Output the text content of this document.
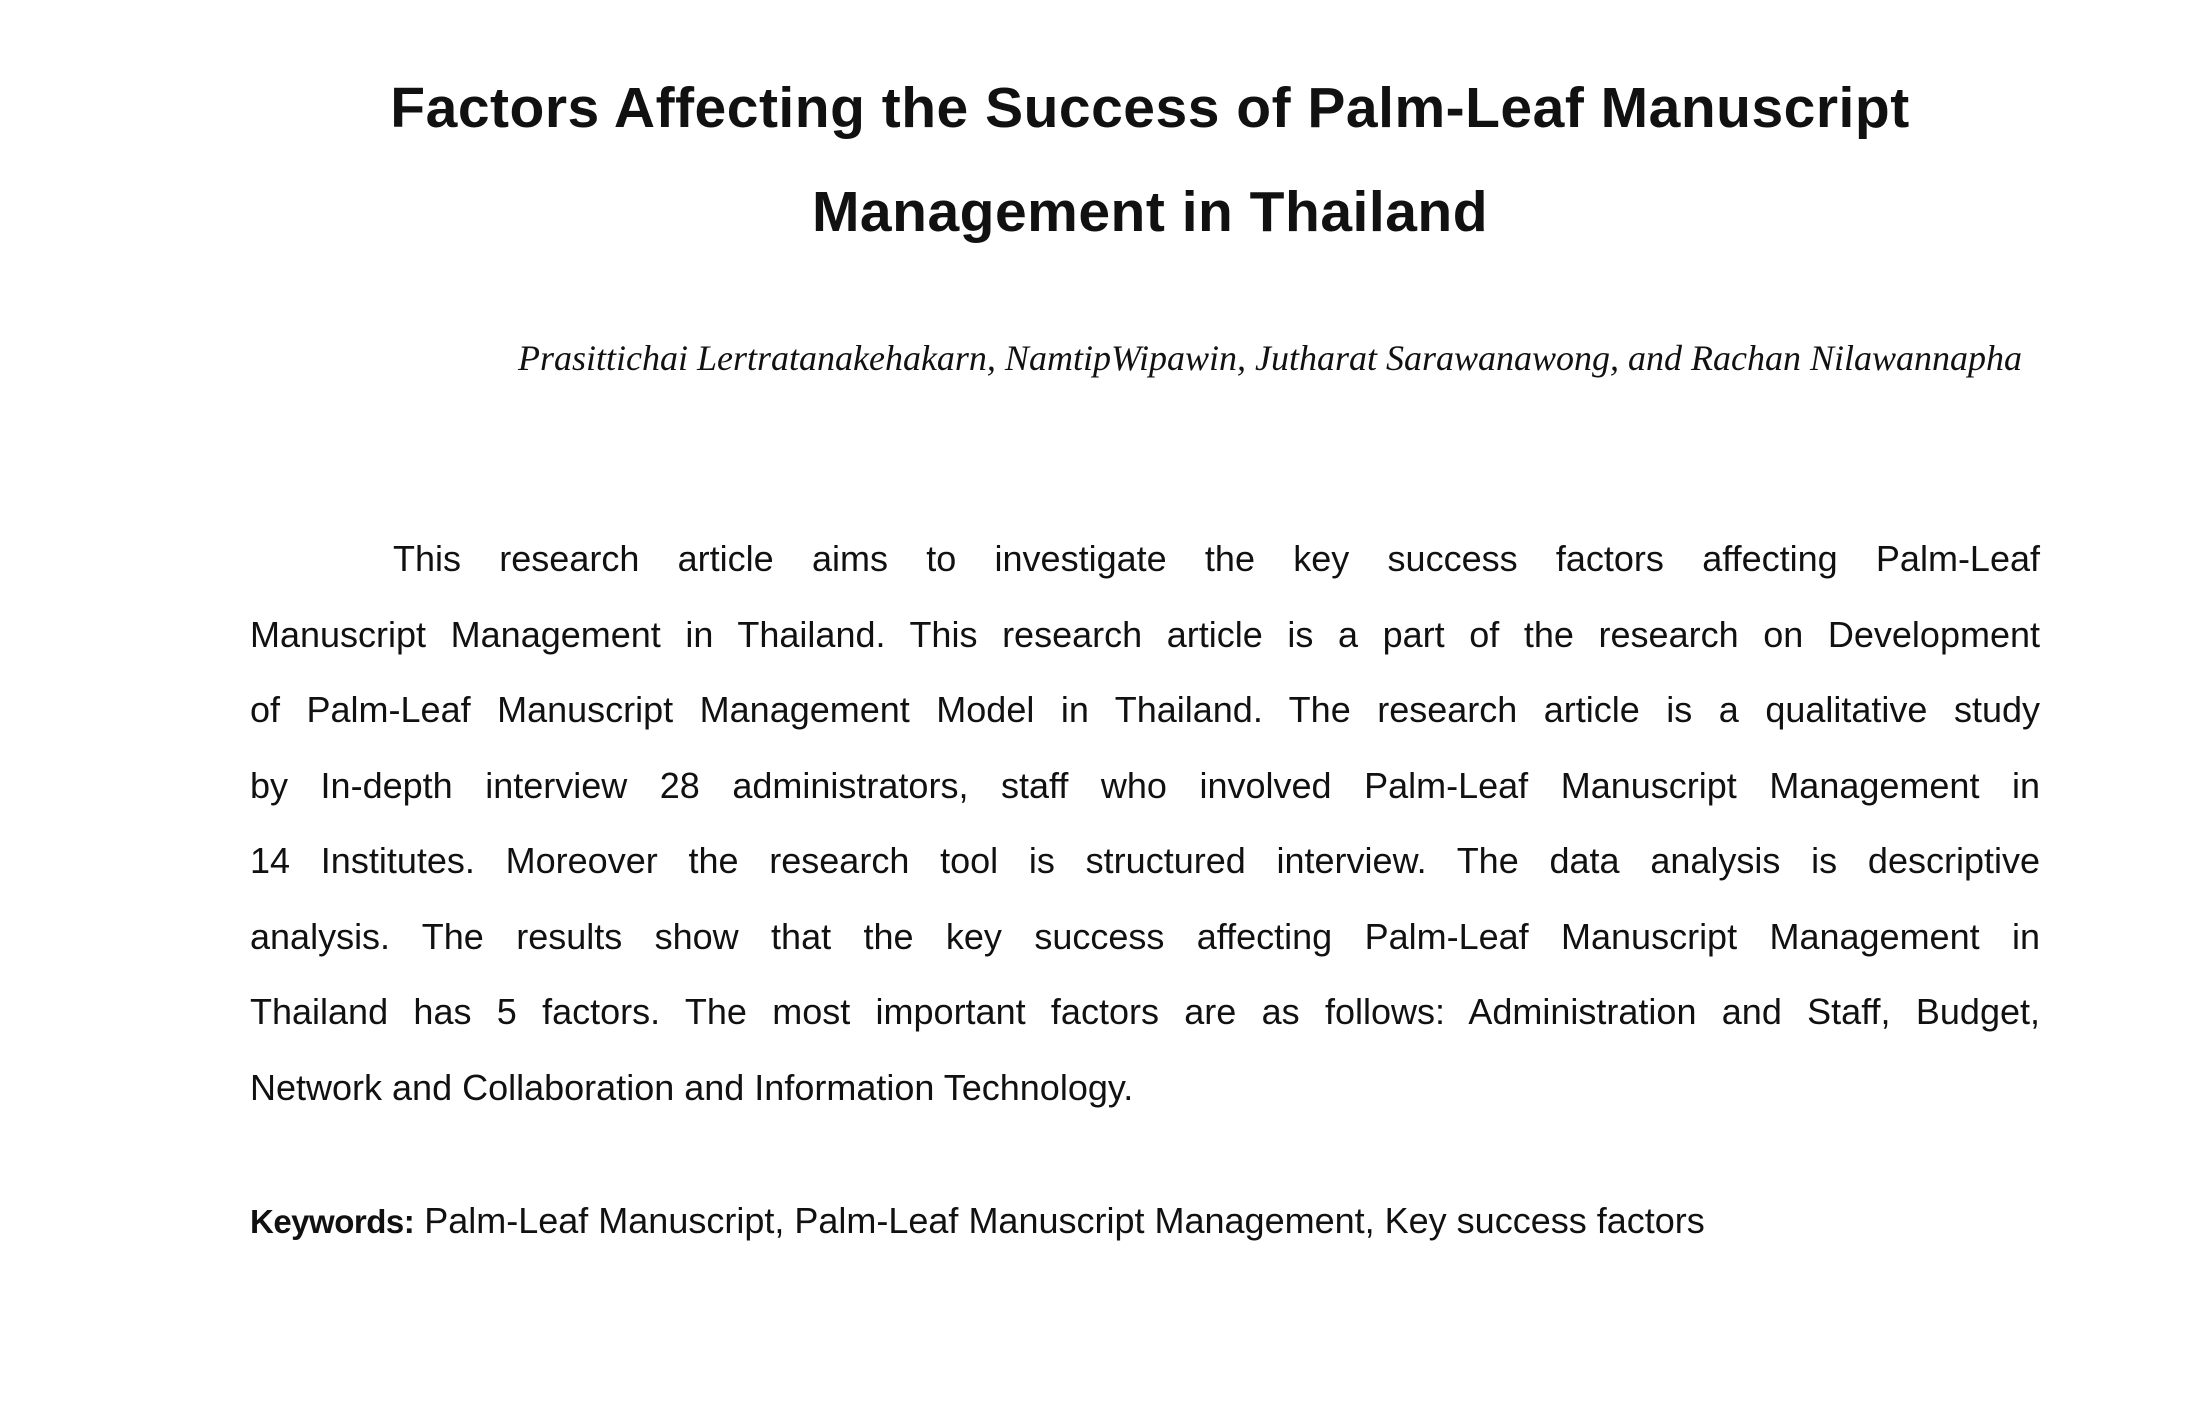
Factors Affecting the Success of Palm-Leaf Manuscript
Management in Thailand

Prasittichai Lertratanakehakarn, NamtipWipawin, Jutharat Sarawanawong, and Rachan Nilawannapha

This research article aims to investigate the key success factors affecting Palm-Leaf
Manuscript Management in Thailand. This research article is a part of the research on Development
of Palm-Leaf Manuscript Management Model in Thailand. The research article is a qualitative study
by In-depth interview 28 administrators, staff who involved Palm-Leaf Manuscript Management in
14 Institutes. Moreover the research tool is structured interview. The data analysis is descriptive
analysis. The results show that the key success affecting Palm-Leaf Manuscript Management in
Thailand has 5 factors. The most important factors are as follows: Administration and Staff, Budget,
Network and Collaboration and Information Technology.

Keywords: Palm-Leaf Manuscript, Palm-Leaf Manuscript Management, Key success factors
